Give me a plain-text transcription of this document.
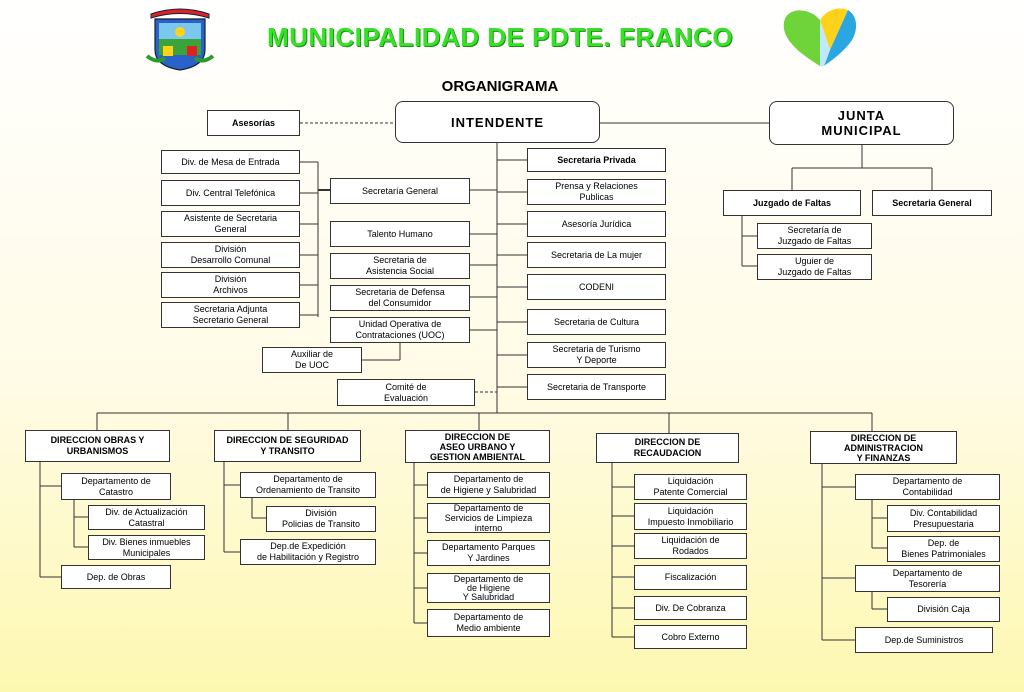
MUNICIPALIDAD DE PDTE. FRANCO
ORGANIGRAMA
Asesorías	INTENDENTE	JUNTA
MUNICIPAL
Div. de Mesa de Entrada
Div. Central Telefónica
Asistente de Secretaria
General
División
Desarrollo Comunal
División
Archivos
Secretaria Adjunta
Secretario General
Secretaría General
Talento Humano
Secretaria de
Asistencia Social
Secretaria de Defensa
del Consumidor
Unidad Operativa de
Contrataciones (UOC)
Auxiliar de
De UOC
Comité de
Evaluación
Secretaria Privada
Prensa y Relaciones
Publicas
Asesoría Jurídica
Secretaria de La mujer
CODENI
Secretaria de Cultura
Secretaria de Turismo
Y Deporte
Secretaria de Transporte
Juzgado de Faltas	Secretaria General
Secretaría de
Juzgado de Faltas
Uguier de
Juzgado de Faltas
DIRECCION OBRAS Y
URBANISMOS
Departamento de
Catastro
Div. de Actualización
Catastral
Div. Bienes inmuebles
Municipales
Dep. de Obras
DIRECCION DE SEGURIDAD
Y TRANSITO
Departamento de
Ordenamiento de Transito
División
Policias de Transito
Dep.de Expedición
de Habilitación y Registro
DIRECCION DE
ASEO URBANO Y
GESTION AMBIENTAL
Departamento de
de Higiene y Salubridad
Departamento de
Servicios de Limpieza
interno
Departamento Parques
Y Jardines
Departamento de
de Higiene
Y Salubridad
Departamento de
Medio ambiente
DIRECCION DE
RECAUDACION
Liquidación
Patente Comercial
Liquidación
Impuesto Inmobiliario
Liquidación de
Rodados
Fiscalización
Div. De Cobranza
Cobro Externo
DIRECCION DE
ADMINISTRACION
Y FINANZAS
Departamento de
Contabilidad
Div. Contabilidad
Presupuestaria
Dep. de
Bienes Patrimoniales
Departamento de
Tesorería
División Caja
Dep.de Suministros
